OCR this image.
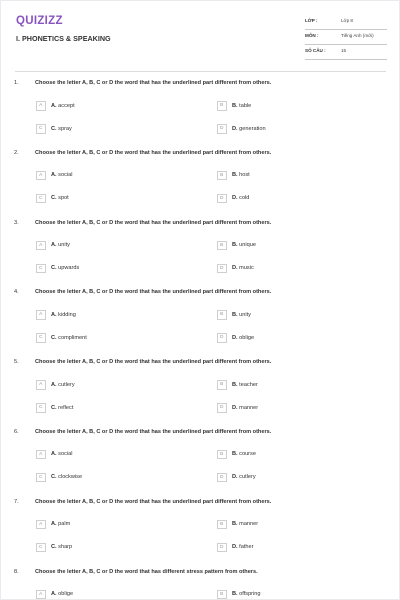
QUIZIZZ
I. PHONETICS & SPEAKING
LỚP :	Lớp 8
MÔN :	Tiếng Anh (mới)
SỐ CÂU :	15
1.	Choose the letter A, B, C or D the word that has the underlined part different from others.
A	A. accept	B	B. table
C	C. spray	D	D. generation
2.	Choose the letter A, B, C or D the word that has the underlined part different from others.
A	A. social	B	B. host
C	C. spot	D	D. cold
3.	Choose the letter A, B, C or D the word that has the underlined part different from others.
A	A. unity	B	B. unique
C	C. upwards	D	D. music
4.	Choose the letter A, B, C or D the word that has the underlined part different from others.
A	A. kidding	B	B. unity
C	C. compliment	D	D. oblige
5.	Choose the letter A, B, C or D the word that has the underlined part different from others.
A	A. cutlery	B	B. teacher
C	C. reflect	D	D. manner
6.	Choose the letter A, B, C or D the word that has the underlined part different from others.
A	A. social	B	B. course
C	C. clockwise	D	D. cutlery
7.	Choose the letter A, B, C or D the word that has the underlined part different from others.
A	A. palm	B	B. manner
C	C. sharp	D	D. father
8.	Choose the letter A, B, C or D the word that has different stress pattern from others.
A	A. oblige	B	B. offspring
